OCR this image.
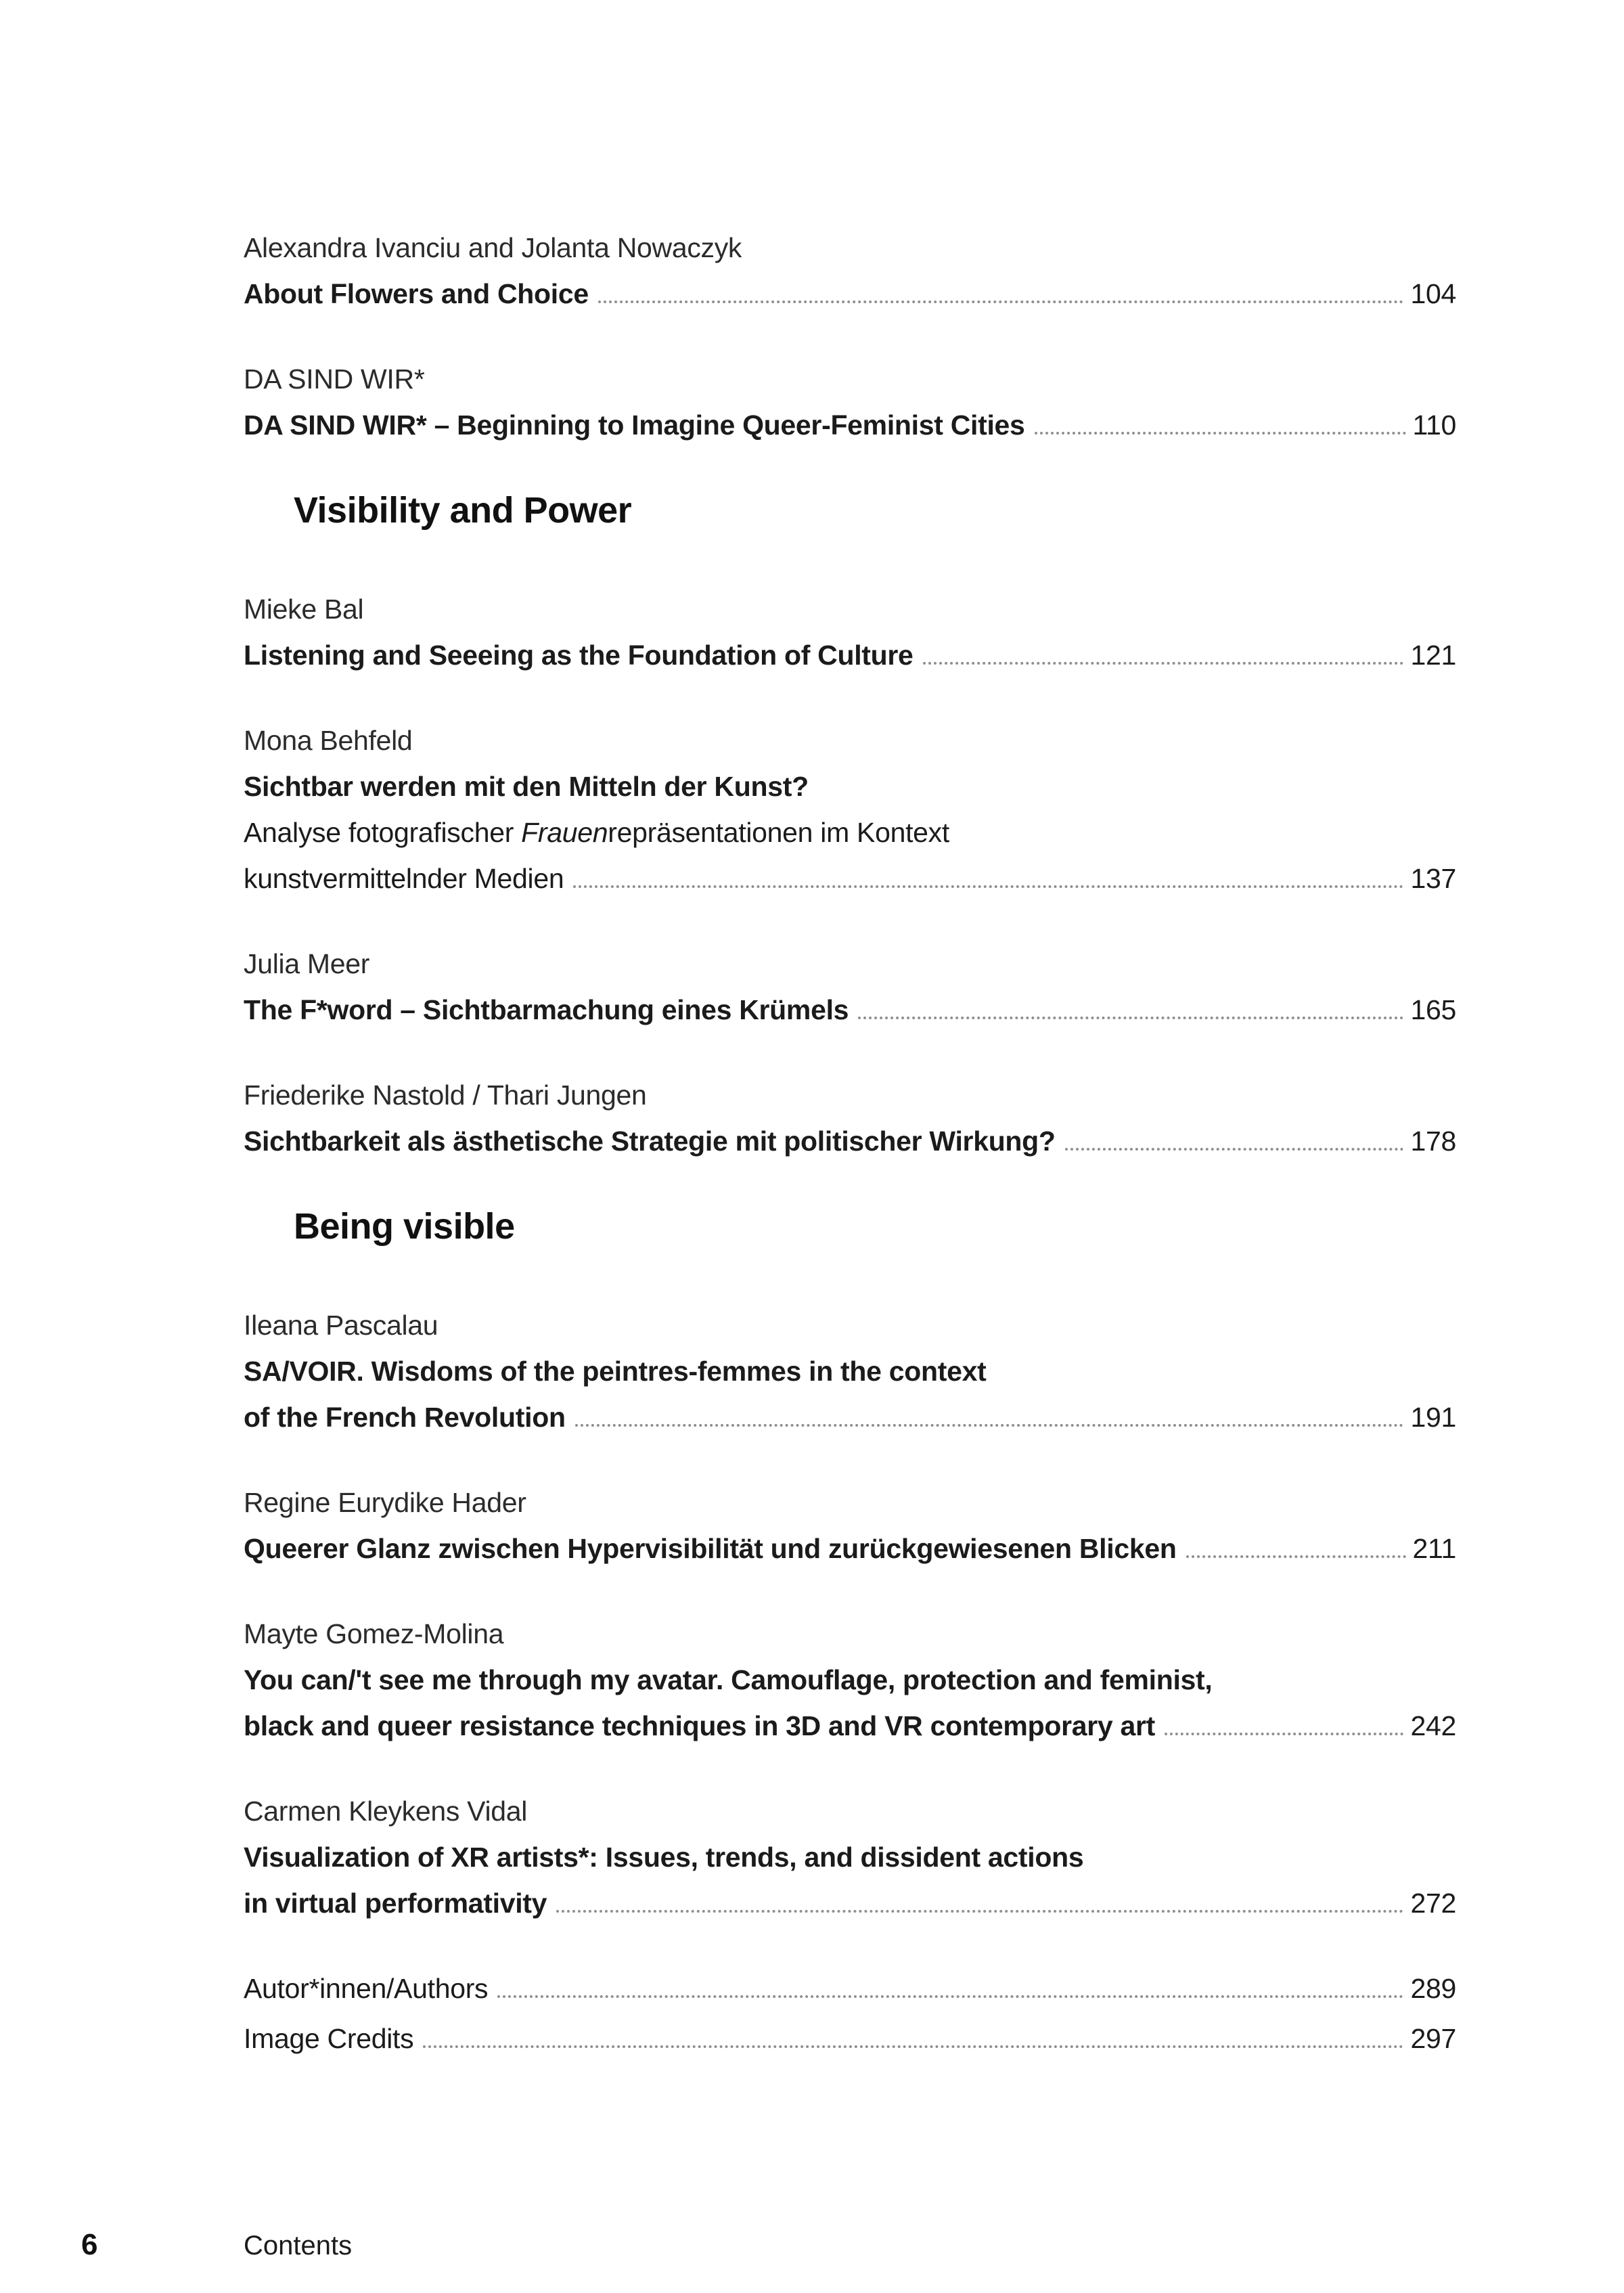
Alexandra Ivanciu and Jolanta Nowaczyk
About Flowers and Choice	104
DA SIND WIR*
DA SIND WIR* – Beginning to Imagine Queer-Feminist Cities	110
Visibility and Power
Mieke Bal
Listening and Seeeing as the Foundation of Culture	121
Mona Behfeld
Sichtbar werden mit den Mitteln der Kunst?
Analyse fotografischer Frauenrepräsentationen im Kontext
kunstvermittelnder Medien	137
Julia Meer
The F*word – Sichtbarmachung eines Krümels	165
Friederike Nastold / Thari Jungen
Sichtbarkeit als ästhetische Strategie mit politischer Wirkung?	178
Being visible
Ileana Pascalau
SA/VOIR. Wisdoms of the peintres-femmes in the context
of the French Revolution	191
Regine Eurydike Hader
Queerer Glanz zwischen Hypervisibilität und zurückgewiesenen Blicken	211
Mayte Gomez-Molina
You can/'t see me through my avatar. Camouflage, protection and feminist,
black and queer resistance techniques in 3D and VR contemporary art	242
Carmen Kleykens Vidal
Visualization of XR artists*: Issues, trends, and dissident actions
in virtual performativity	272
Autor*innen/Authors	289
Image Credits	297
6	Contents
